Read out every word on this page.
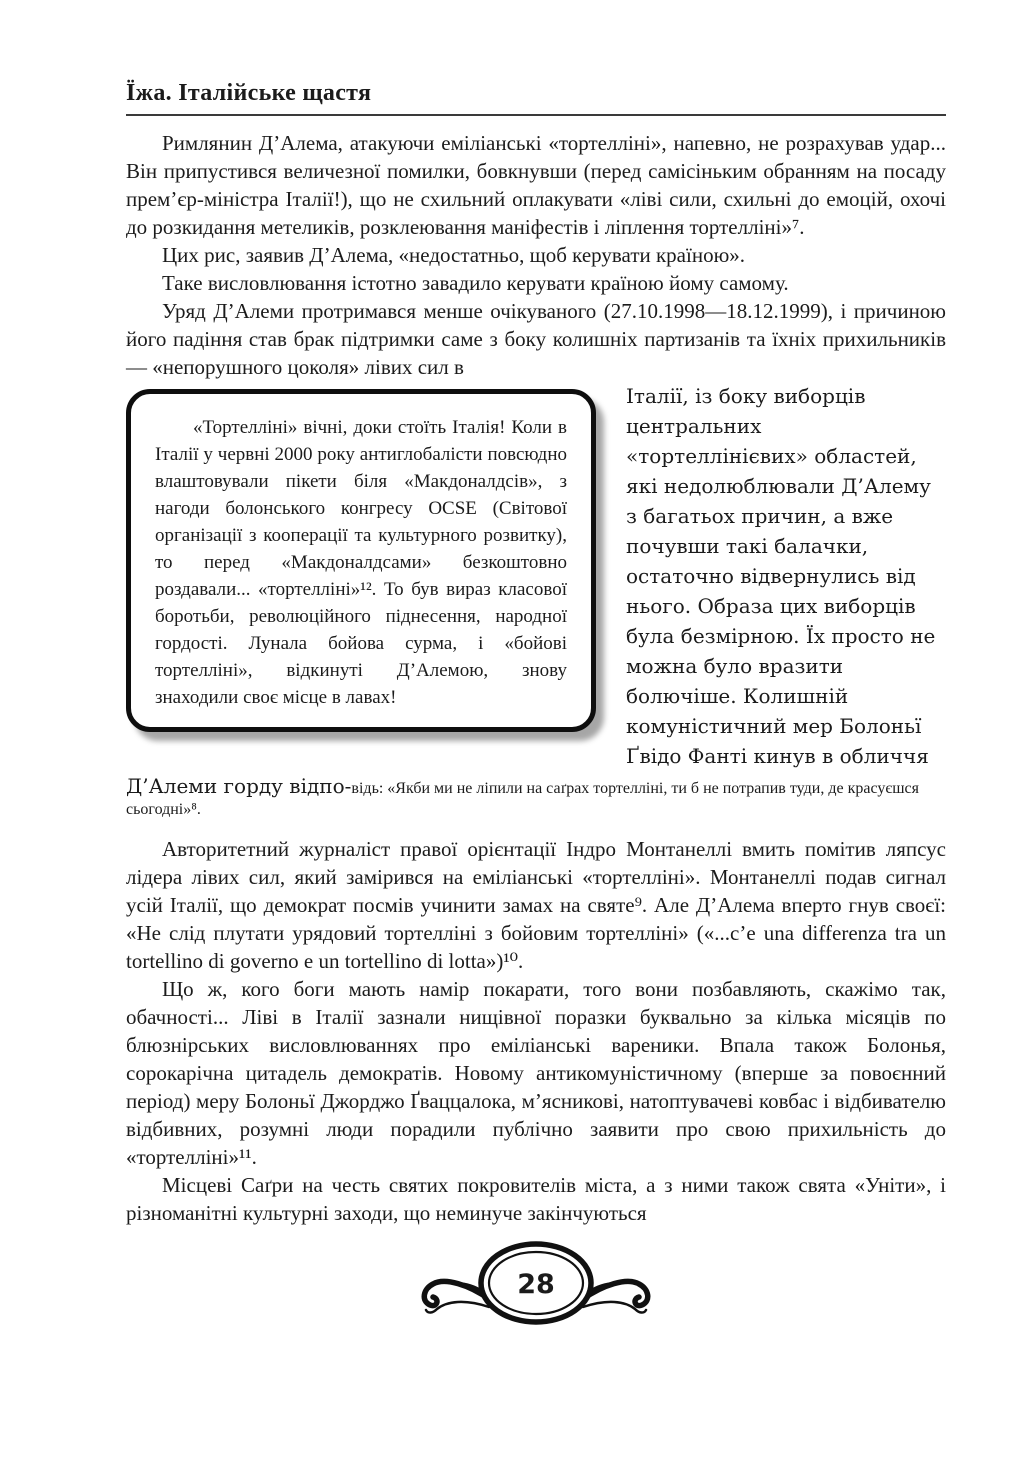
Їжа. Італійське щастя

Римлянин Д’Алема, атакуючи еміліанські «тортелліні», напевно, не розрахував удар... Він припустився величезної помилки, бовкнувши (перед самісіньким обранням на посаду прем’єр-міністра Італії!), що не схильний оплакувати «ліві сили, схильні до емоцій, охочі до розкидання метеликів, розклеювання маніфестів і ліплення тортелліні»⁷.

Цих рис, заявив Д’Алема, «недостатньо, щоб керувати країною».

Таке висловлювання істотно завадило керувати країною йому самому.

Уряд Д’Алеми протримався менше очікуваного (27.10.1998—18.12.1999), і причиною його падіння став брак підтримки саме з боку колишніх партизанів та їхніх прихильників — «непорушного цоколя» лівих сил в

«Тортелліні» вічні, доки стоїть Італія! Коли в Італії у червні 2000 року антиглобалісти повсюдно влаштовували пікети біля «Макдоналдсів», з нагоди болонського конгресу OCSE (Світової організації з кооперації та культурного розвитку), то перед «Макдоналдсами» безкоштовно роздавали... «тортелліні»¹². То був вираз класової боротьби, революційного піднесення, народної гордості. Лунала бойова сурма, і «бойові тортелліні», відкинуті Д’Алемою, знову знаходили своє місце в лавах!

Італії, із боку виборців центральних «тортеллінієвих» областей, які недолюблювали Д’Алему з багатьох причин, а вже почувши такі балачки, остаточно відвернулись від нього. Образа цих виборців була безмірною. Їх просто не можна було вразити болючіше. Колишній комуністичний мер Болоньї Ґвідо Фанті кинув в обличчя Д’Алеми горду відпо-відь: «Якби ми не ліпили на саґрах тортелліні, ти б не потрапив туди, де красуєшся сьогодні»⁸.

Авторитетний журналіст правої орієнтації Індро Монтанеллі вмить помітив ляпсус лідера лівих сил, який замірився на еміліанські «тортелліні». Монтанеллі подав сигнал усій Італії, що демократ посмів учинити замах на святе⁹. Але Д’Алема вперто гнув своєї: «Не слід плутати урядовий тортелліні з бойовим тортелліні» («...c’e una differenza tra un tortellino di governo e un tortellino di lotta»)¹⁰.

Що ж, кого боги мають намір покарати, того вони позбавляють, скажімо так, обачності... Ліві в Італії зазнали нищівної поразки буквально за кілька місяців по блюзнірських висловлюваннях про еміліанські вареники. Впала також Болонья, сорокарічна цитадель демократів. Новому антикомуністичному (вперше за повоєнний період) меру Болоньї Джорджо Ґваццалока, м’ясникові, натоптувачеві ковбас і відбивателю відбивних, розумні люди порадили публічно заявити про свою прихильність до «тортелліні»¹¹.

Місцеві Саґри на честь святих покровителів міста, а з ними також свята «Уніти», і різноманітні культурні заходи, що неминуче закінчуються

28
